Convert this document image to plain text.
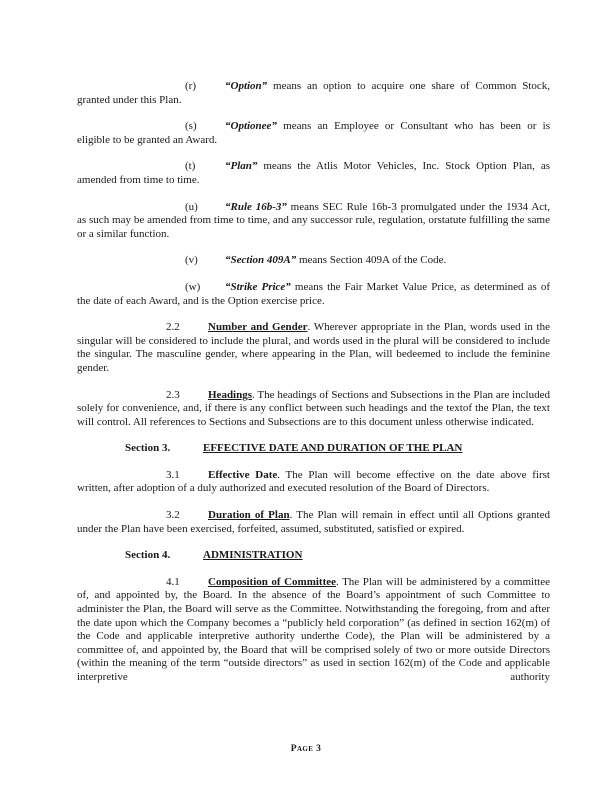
(r)	“Option” means an option to acquire one share of Common Stock, granted under this Plan.

(s)	“Optionee” means an Employee or Consultant who has been or is eligible to be granted an Award.

(t)	“Plan” means the Atlis Motor Vehicles, Inc. Stock Option Plan, as amended from time to time.

(u) “Rule 16b-3” means SEC Rule 16b-3 promulgated under the 1934 Act, as such may be amended from time to time, and any successor rule, regulation, orstatute fulfilling the same or a similar function.

(v) “Section 409A” means Section 409A of the Code.

(w) “Strike Price” means the Fair Market Value Price, as determined as of the date of each Award, and is the Option exercise price.

2.2	Number and Gender. Wherever appropriate in the Plan, words used in the singular will be considered to include the plural, and words used in the plural will be considered to include the singular. The masculine gender, where appearing in the Plan, will bedeemed to include the feminine gender.

2.3	Headings. The headings of Sections and Subsections in the Plan are included solely for convenience, and, if there is any conflict between such headings and the textof the Plan, the text will control. All references to Sections and Subsections are to this document unless otherwise indicated.

Section 3.	EFFECTIVE DATE AND DURATION OF THE PLAN

3.1	Effective Date. The Plan will become effective on the date above first written, after adoption of a duly authorized and executed resolution of the Board of Directors.

3.2	Duration of Plan. The Plan will remain in effect until all Options granted under the Plan have been exercised, forfeited, assumed, substituted, satisfied or expired.

Section 4.	ADMINISTRATION

4.1	Composition of Committee. The Plan will be administered by a committee of, and appointed by, the Board. In the absence of the Board’s appointment of such Committee to administer the Plan, the Board will serve as the Committee. Notwithstanding the foregoing, from and after the date upon which the Company becomes a “publicly held corporation” (as defined in section 162(m) of the Code and applicable interpretive authority underthe Code), the Plan will be administered by a committee of, and appointed by, the Board that will be comprised solely of two or more outside Directors (within the meaning of the term “outside directors” as used in section 162(m) of the Code and applicable interpretive authority

Page 3
